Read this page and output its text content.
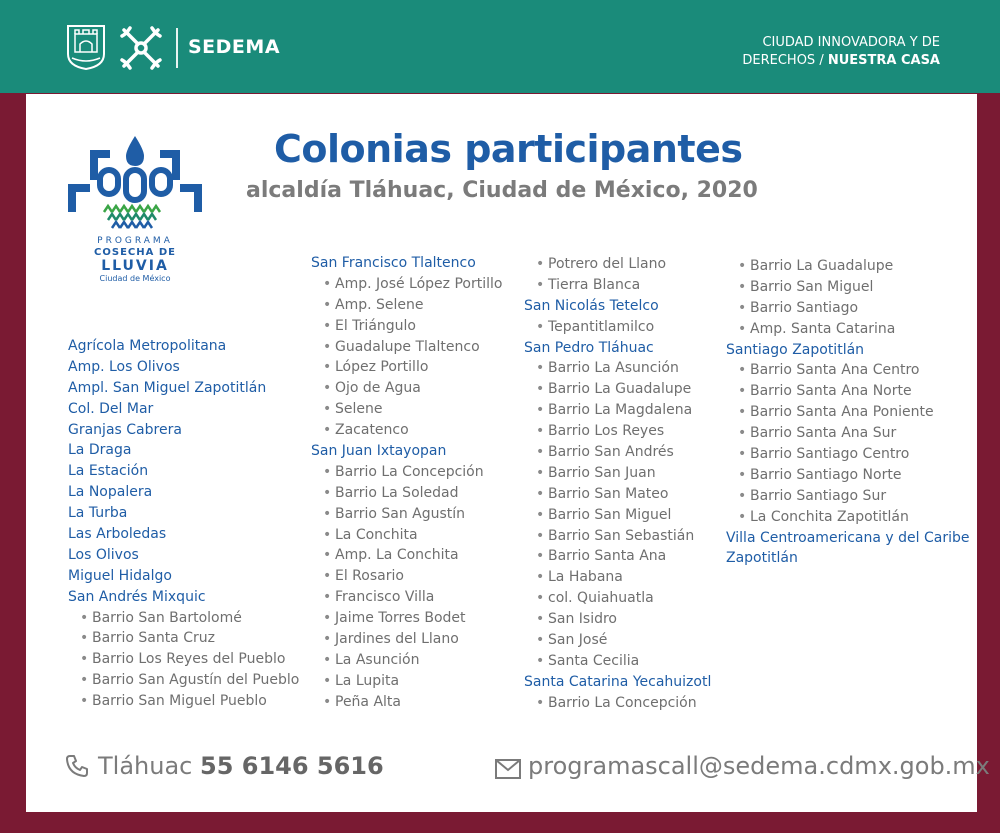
SEDEMA	CIUDAD INNOVADORA Y DE
DERECHOS / NUESTRA CASA
PROGRAMA
COSECHA DE
LLUVIA
Ciudad de México
Colonias participantes
alcaldía Tláhuac, Ciudad de México, 2020
Agrícola Metropolitana
Amp. Los Olivos
Ampl. San Miguel Zapotitlán
Col. Del Mar
Granjas Cabrera
La Draga
La Estación
La Nopalera
La Turba
Las Arboledas
Los Olivos
Miguel Hidalgo
San Andrés Mixquic
• Barrio San Bartolomé
• Barrio Santa Cruz
• Barrio Los Reyes del Pueblo
• Barrio San Agustín del Pueblo
• Barrio San Miguel Pueblo
San Francisco Tlaltenco
• Amp. José López Portillo
• Amp. Selene
• El Triángulo
• Guadalupe Tlaltenco
• López Portillo
• Ojo de Agua
• Selene
• Zacatenco
San Juan Ixtayopan
• Barrio La Concepción
• Barrio La Soledad
• Barrio San Agustín
• La Conchita
• Amp. La Conchita
• El Rosario
• Francisco Villa
• Jaime Torres Bodet
• Jardines del Llano
• La Asunción
• La Lupita
• Peña Alta
• Potrero del Llano
• Tierra Blanca
San Nicolás Tetelco
• Tepantitlamilco
San Pedro Tláhuac
• Barrio La Asunción
• Barrio La Guadalupe
• Barrio La Magdalena
• Barrio Los Reyes
• Barrio San Andrés
• Barrio San Juan
• Barrio San Mateo
• Barrio San Miguel
• Barrio San Sebastián
• Barrio Santa Ana
• La Habana
• col. Quiahuatla
• San Isidro
• San José
• Santa Cecilia
Santa Catarina Yecahuizotl
• Barrio La Concepción
• Barrio La Guadalupe
• Barrio San Miguel
• Barrio Santiago
• Amp. Santa Catarina
Santiago Zapotitlán
• Barrio Santa Ana Centro
• Barrio Santa Ana Norte
• Barrio Santa Ana Poniente
• Barrio Santa Ana Sur
• Barrio Santiago Centro
• Barrio Santiago Norte
• Barrio Santiago Sur
• La Conchita Zapotitlán
Villa Centroamericana y del Caribe
Zapotitlán
Tláhuac 55 6146 5616	programascall@sedema.cdmx.gob.mx
